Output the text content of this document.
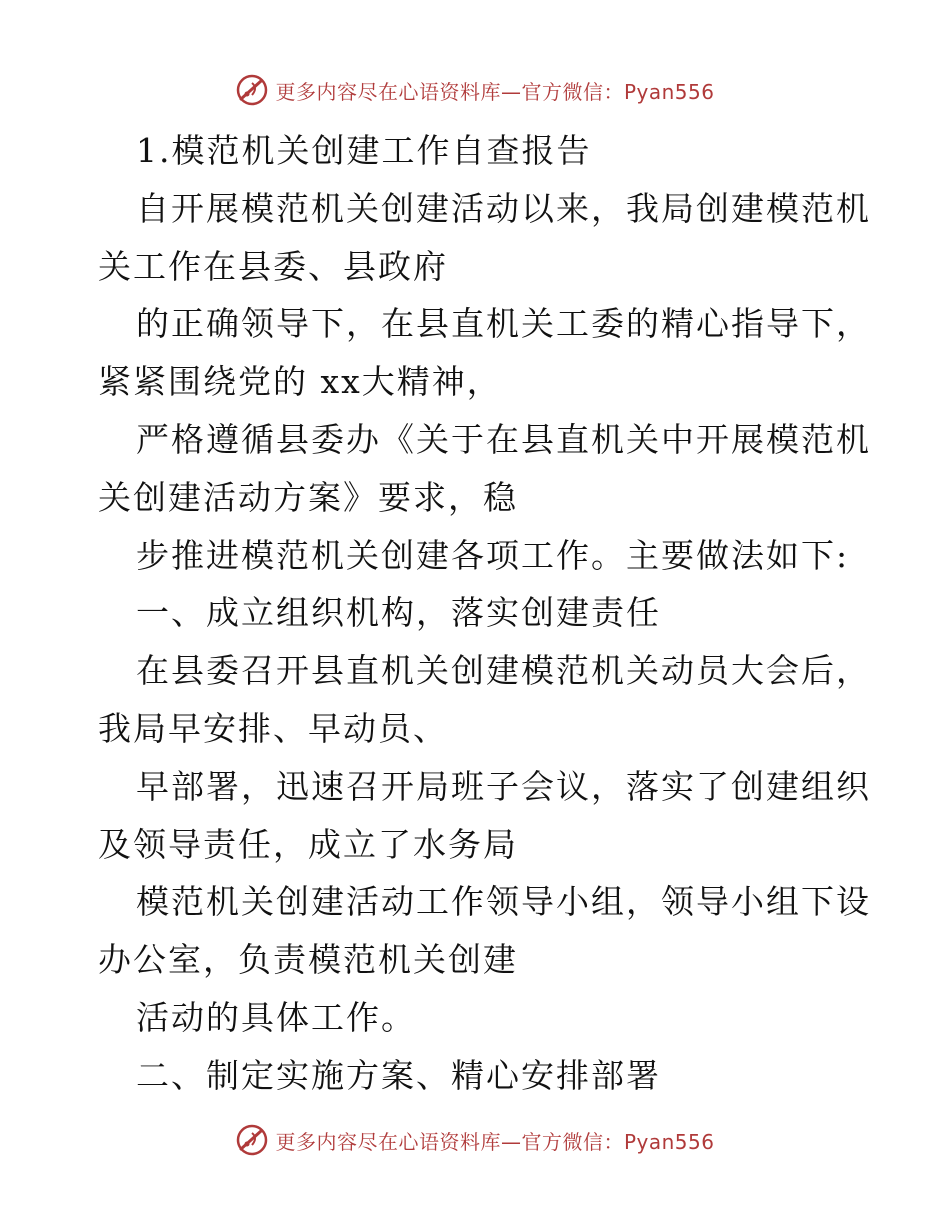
更多内容尽在心语资料库—官方微信：Pyan556
1.模范机关创建工作自查报告
自开展模范机关创建活动以来，我局创建模范机
关工作在县委、县政府
的正确领导下，在县直机关工委的精心指导下，
紧紧围绕党的 xx大精神，
严格遵循县委办《关于在县直机关中开展模范机
关创建活动方案》要求，稳
步推进模范机关创建各项工作。主要做法如下:
一、成立组织机构，落实创建责任
在县委召开县直机关创建模范机关动员大会后，
我局早安排、早动员、
早部署，迅速召开局班子会议，落实了创建组织
及领导责任，成立了水务局
模范机关创建活动工作领导小组，领导小组下设
办公室，负责模范机关创建
活动的具体工作。
二、制定实施方案、精心安排部署
更多内容尽在心语资料库—官方微信：Pyan556
